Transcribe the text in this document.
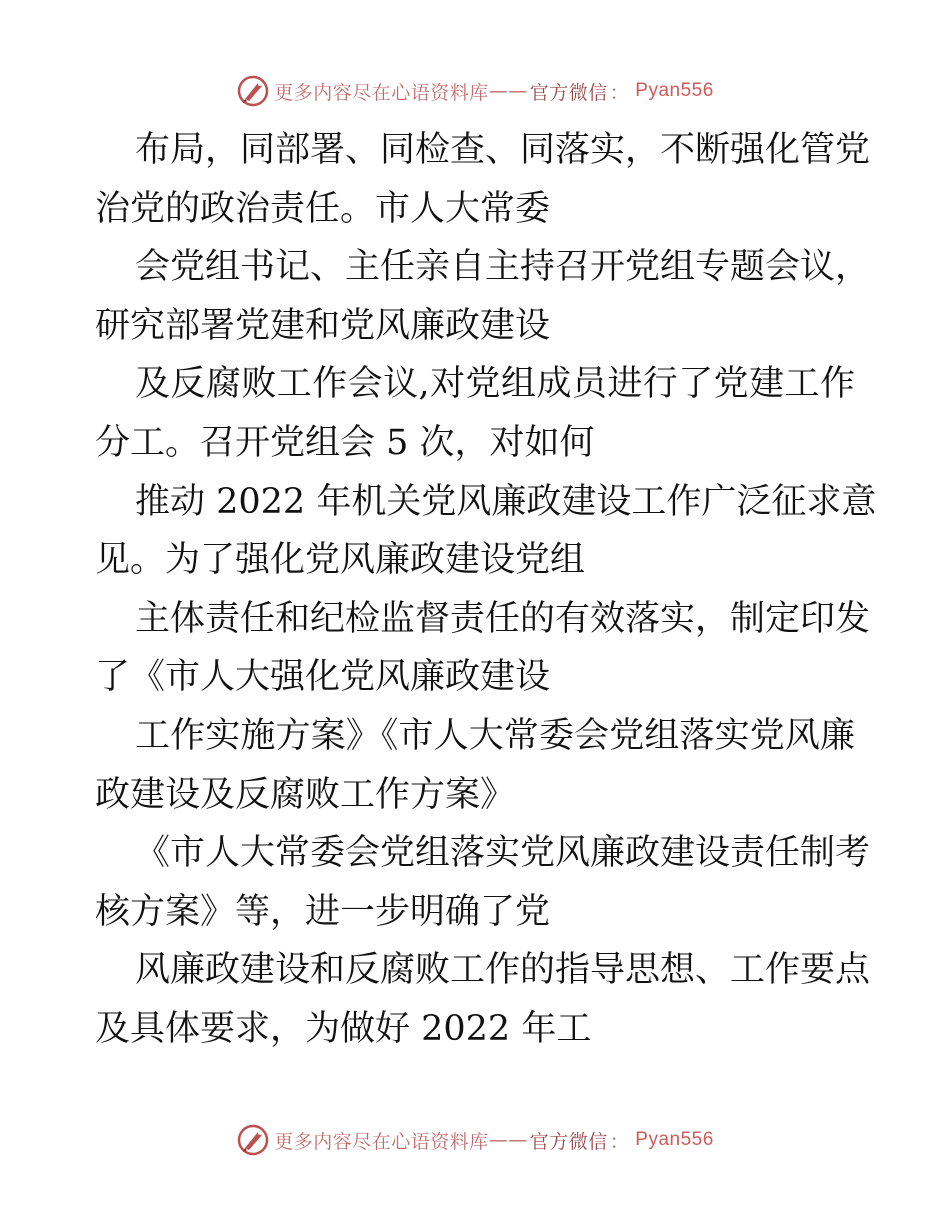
更多内容尽在心语资料库 —— 官方微信 ： Pyan556
布局，同部署、同检查、同落实，不断强化管党
治党的政治责任。市人大常委
会党组书记、主任亲自主持召开党组专题会议，
研究部署党建和党风廉政建设
及反腐败工作会议,对党组成员进行了党建工作
分工。召开党组会 5 次，对如何
推动 2022 年机关党风廉政建设工作广泛征求意
见。为了强化党风廉政建设党组
主体责任和纪检监督责任的有效落实，制定印发
了《市人大强化党风廉政建设
工作实施方案》《市人大常委会党组落实党风廉
政建设及反腐败工作方案》
《市人大常委会党组落实党风廉政建设责任制考
核方案》等，进一步明确了党
风廉政建设和反腐败工作的指导思想、工作要点
及具体要求，为做好 2022 年工
更多内容尽在心语资料库 —— 官方微信 ： Pyan556
